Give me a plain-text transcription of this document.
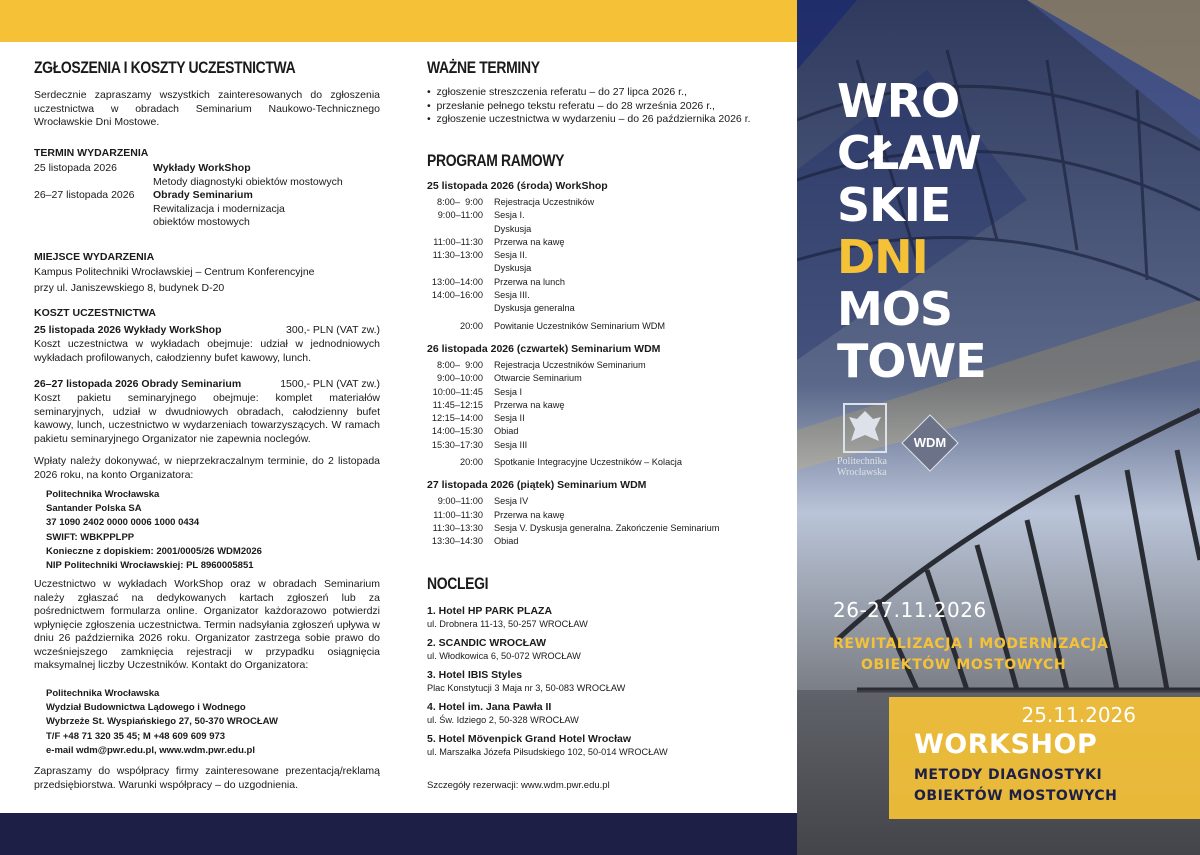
ZGŁOSZENIA I KOSZTY UCZESTNICTWA
Serdecznie zapraszamy wszystkich zainteresowanych do zgłoszenia uczestnictwa w obradach Seminarium Naukowo-Technicznego Wrocławskie Dni Mostowe.
TERMIN WYDARZENIA
25 listopada 2026	Wykłady WorkShop
Metody diagnostyki obiektów mostowych
26–27 listopada 2026	Obrady Seminarium
Rewitalizacja i modernizacja
obiektów mostowych
MIEJSCE WYDARZENIA
Kampus Politechniki Wrocławskiej – Centrum Konferencyjne
przy ul. Janiszewskiego 8, budynek D-20
KOSZT UCZESTNICTWA
25 listopada 2026 Wykłady WorkShop	300,- PLN (VAT zw.)
Koszt uczestnictwa w wykładach obejmuje: udział w jednodniowych wykładach profilowanych, całodzienny bufet kawowy, lunch.
26–27 listopada 2026 Obrady Seminarium	1500,- PLN (VAT zw.)
Koszt pakietu seminaryjnego obejmuje: komplet materiałów seminaryjnych, udział w dwudniowych obradach, całodzienny bufet kawowy, lunch, uczestnictwo w wydarzeniach towarzyszących. W ramach pakietu seminaryjnego Organizator nie zapewnia noclegów.
Wpłaty należy dokonywać, w nieprzekraczalnym terminie, do 2 listopada 2026 roku, na konto Organizatora:
Politechnika Wrocławska
Santander Polska SA
37 1090 2402 0000 0006 1000 0434
SWIFT: WBKPPLPP
Konieczne z dopiskiem: 2001/0005/26 WDM2026
NIP Politechniki Wrocławskiej: PL 8960005851
Uczestnictwo w wykładach WorkShop oraz w obradach Seminarium należy zgłaszać na dedykowanych kartach zgłoszeń lub za pośrednictwem formularza online. Organizator każdorazowo potwierdzi wpłynięcie zgłoszenia uczestnictwa. Termin nadsyłania zgłoszeń upływa w dniu 26 października 2026 roku. Organizator zastrzega sobie prawo do wcześniejszego zamknięcia rejestracji w przypadku osiągnięcia maksymalnej liczby Uczestników. Kontakt do Organizatora:
Politechnika Wrocławska
Wydział Budownictwa Lądowego i Wodnego
Wybrzeże St. Wyspiańskiego 27, 50-370 WROCŁAW
T/F +48 71 320 35 45; M +48 609 609 973
e-mail wdm@pwr.edu.pl, www.wdm.pwr.edu.pl
Zapraszamy do współpracy firmy zainteresowane prezentacją/reklamą przedsiębiorstwa. Warunki współpracy – do uzgodnienia.
WAŻNE TERMINY
•  zgłoszenie streszczenia referatu – do 27 lipca 2026 r.,
•  przesłanie pełnego tekstu referatu – do 28 września 2026 r.,
•  zgłoszenie uczestnictwa w wydarzeniu – do 26 października 2026 r.
PROGRAM RAMOWY
25 listopada 2026 (środa) WorkShop
8:00–  9:00	Rejestracja Uczestników
9:00–11:00	Sesja I.
Dyskusja
11:00–11:30	Przerwa na kawę
11:30–13:00	Sesja II.
Dyskusja
13:00–14:00	Przerwa na lunch
14:00–16:00	Sesja III.
Dyskusja generalna
20:00	Powitanie Uczestników Seminarium WDM
26 listopada 2026 (czwartek) Seminarium WDM
8:00–  9:00	Rejestracja Uczestników Seminarium
9:00–10:00	Otwarcie Seminarium
10:00–11:45	Sesja I
11:45–12:15	Przerwa na kawę
12:15–14:00	Sesja II
14:00–15:30	Obiad
15:30–17:30	Sesja III
20:00	Spotkanie Integracyjne Uczestników – Kolacja
27 listopada 2026 (piątek) Seminarium WDM
9:00–11:00	Sesja IV
11:00–11:30	Przerwa na kawę
11:30–13:30	Sesja V. Dyskusja generalna. Zakończenie Seminarium
13:30–14:30	Obiad
NOCLEGI
1. Hotel HP PARK PLAZA
ul. Drobnera 11-13, 50-257 WROCŁAW
2. SCANDIC WROCŁAW
ul. Włodkowica 6, 50-072 WROCŁAW
3. Hotel IBIS Styles
Plac Konstytucji 3 Maja nr 3, 50-083 WROCŁAW
4. Hotel im. Jana Pawła II
ul. Św. Idziego 2, 50-328 WROCŁAW
5. Hotel Mövenpick Grand Hotel Wrocław
ul. Marszałka Józefa Piłsudskiego 102, 50-014 WROCŁAW
Szczegóły rezerwacji: www.wdm.pwr.edu.pl
WRO
CŁAW
SKIE
DNI
MOS
TOWE
Politechnika
Wrocławska
WDM
26-27.11.2026
REWITALIZACJA I MODERNIZACJA
OBIEKTÓW MOSTOWYCH
25.11.2026
WORKSHOP
METODY DIAGNOSTYKI
OBIEKTÓW MOSTOWYCH
